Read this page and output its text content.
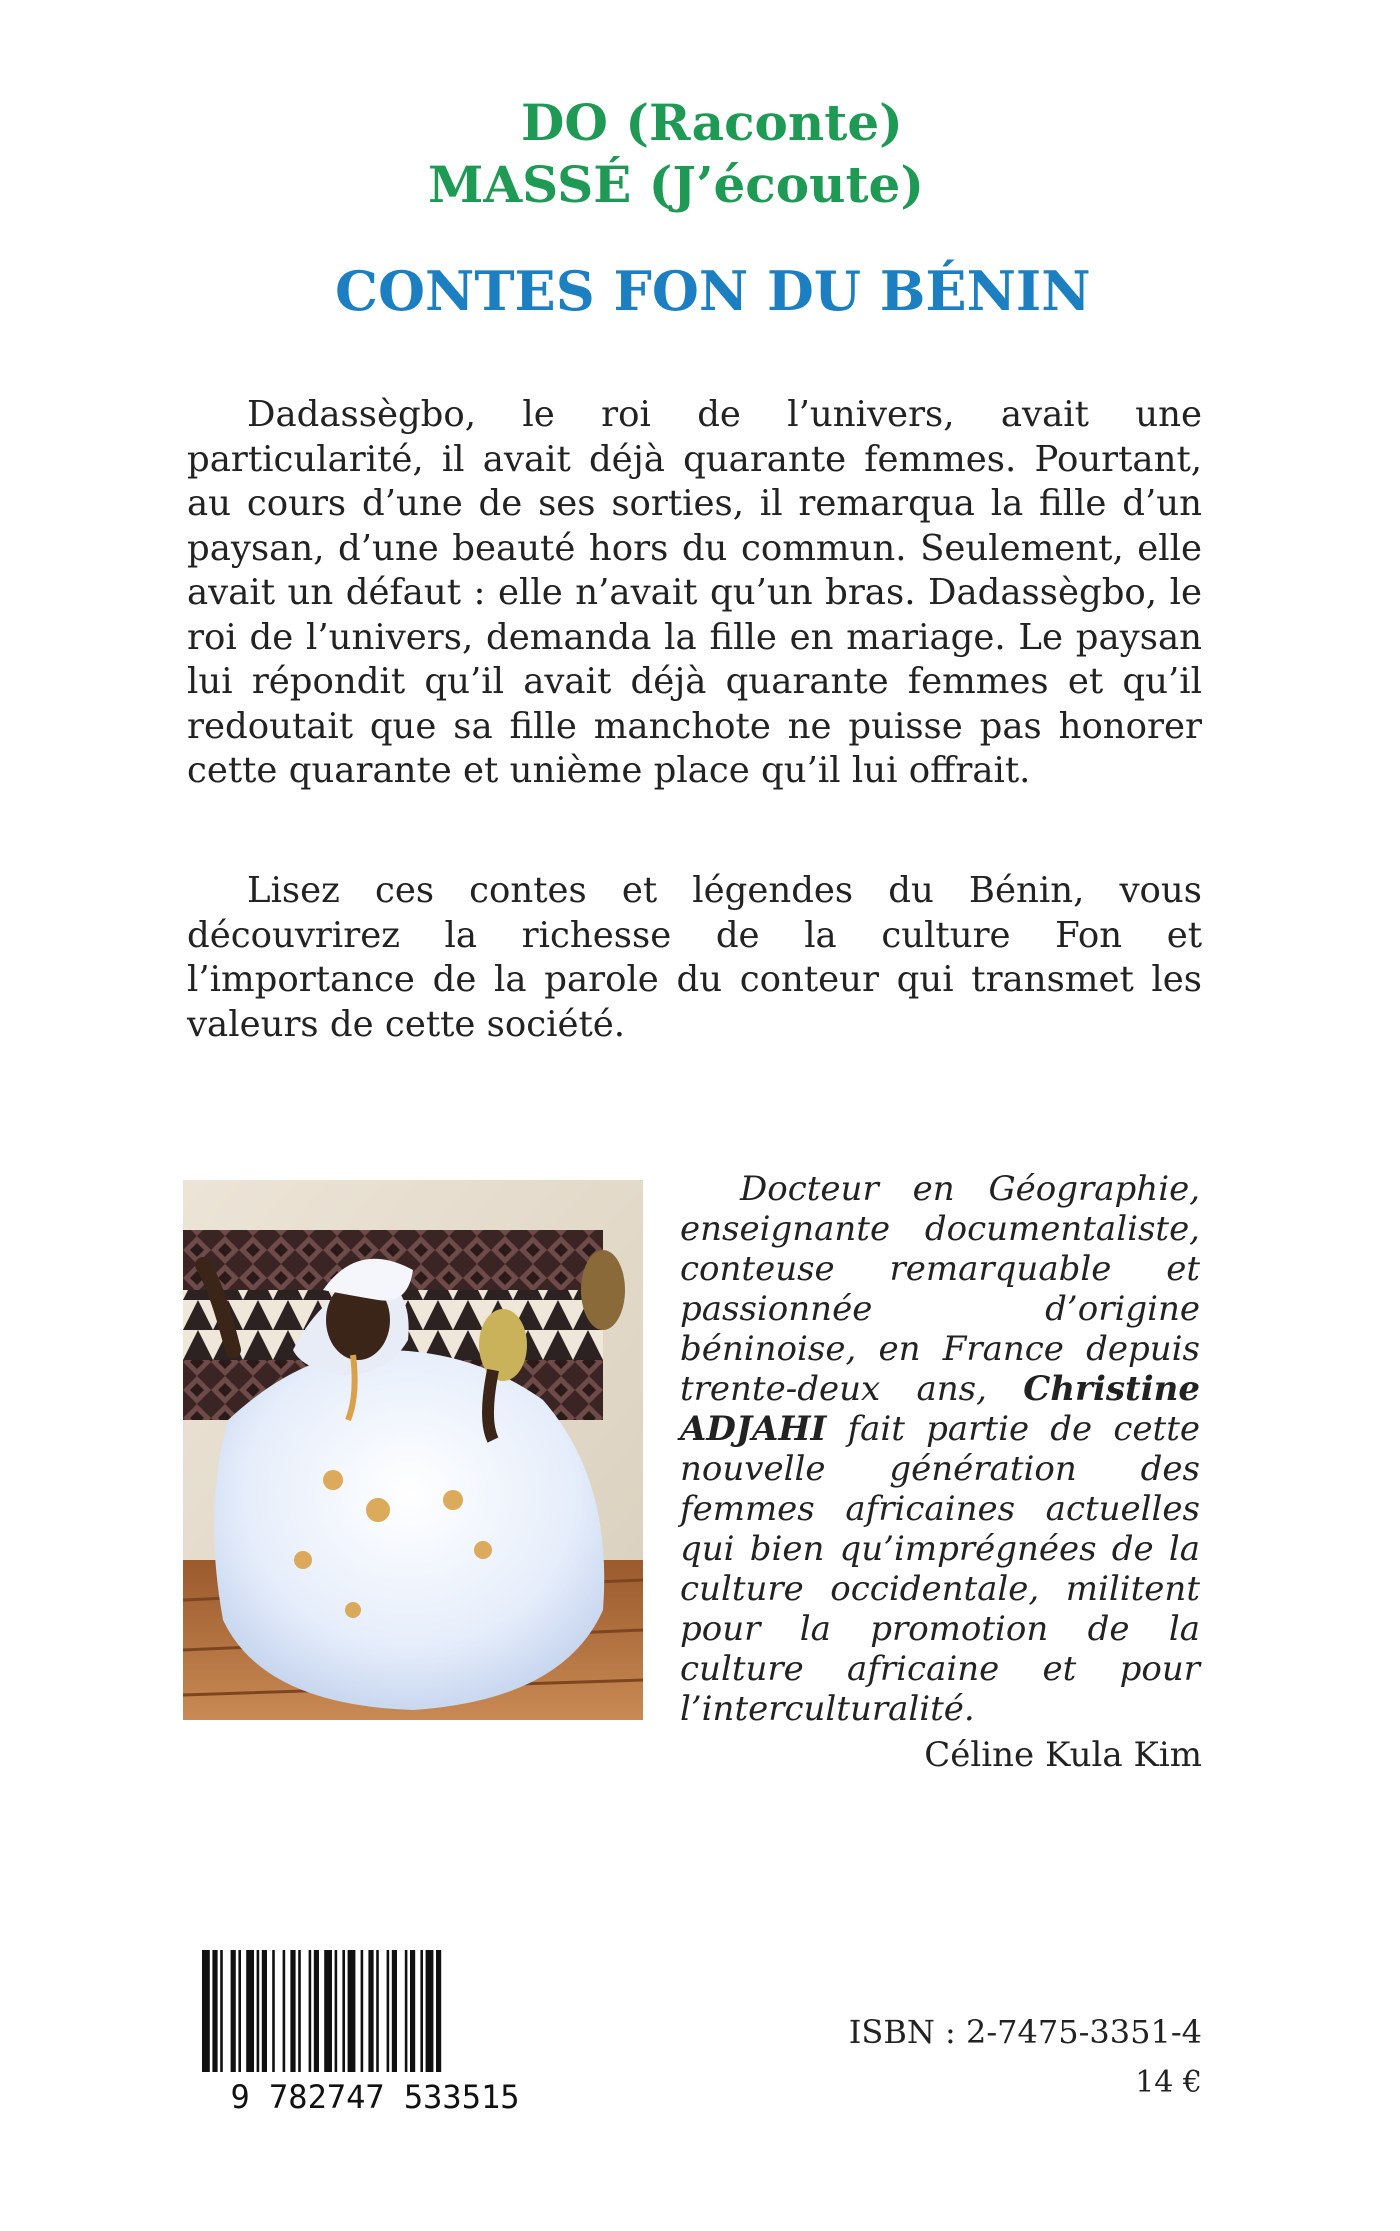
DO (Raconte)
MASSÉ (J’écoute)
CONTES FON DU BÉNIN

Dadassègbo, le roi de l’univers, avait une particularité, il avait déjà quarante femmes. Pourtant, au cours d’une de ses sorties, il remarqua la fille d’un paysan, d’une beauté hors du commun. Seulement, elle avait un défaut : elle n’avait qu’un bras. Dadassègbo, le roi de l’univers, demanda la fille en mariage. Le paysan lui répondit qu’il avait déjà quarante femmes et qu’il redoutait que sa fille manchote ne puisse pas honorer cette quarante et unième place qu’il lui offrait.

Lisez ces contes et légendes du Bénin, vous découvrirez la richesse de la culture Fon et l’importance de la parole du conteur qui transmet les valeurs de cette société.

Docteur en Géographie, enseignante documentaliste, conteuse remarquable et passionnée d’origine béninoise, en France depuis trente-deux ans, Christine ADJAHI fait partie de cette nouvelle génération des femmes africaines actuelles qui bien qu’imprégnées de la culture occidentale, militent pour la promotion de la culture africaine et pour l’interculturalité.

Céline Kula Kim
9 782747 533515
ISBN : 2-7475-3351-4
14 €
